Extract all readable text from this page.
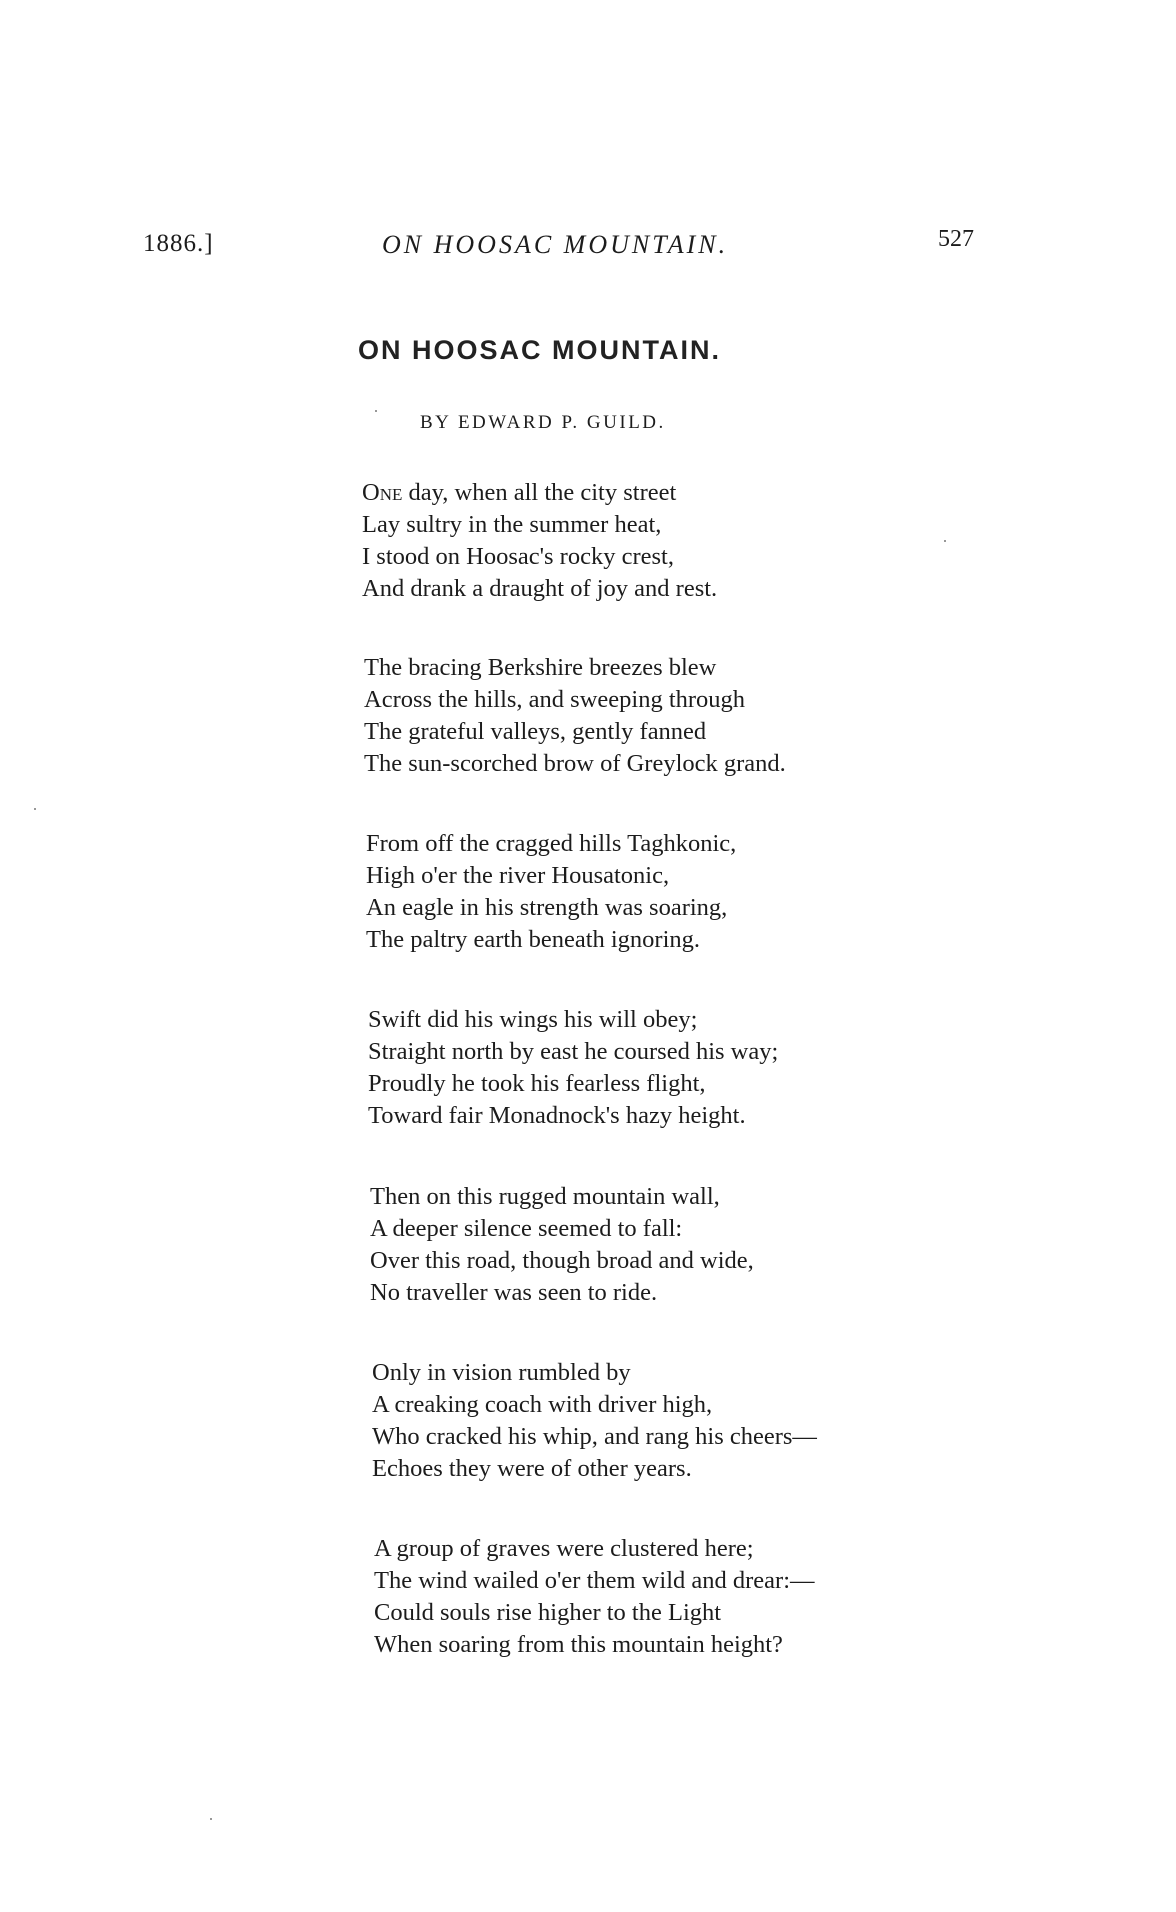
1886.]	ON HOOSAC MOUNTAIN.	527
ON HOOSAC MOUNTAIN.
BY EDWARD P. GUILD.
One day, when all the city street
Lay sultry in the summer heat,
I stood on Hoosac's rocky crest,
And drank a draught of joy and rest.
The bracing Berkshire breezes blew
Across the hills, and sweeping through
The grateful valleys, gently fanned
The sun-scorched brow of Greylock grand.
From off the cragged hills Taghkonic,
High o'er the river Housatonic,
An eagle in his strength was soaring,
The paltry earth beneath ignoring.
Swift did his wings his will obey;
Straight north by east he coursed his way;
Proudly he took his fearless flight,
Toward fair Monadnock's hazy height.
Then on this rugged mountain wall,
A deeper silence seemed to fall:
Over this road, though broad and wide,
No traveller was seen to ride.
Only in vision rumbled by
A creaking coach with driver high,
Who cracked his whip, and rang his cheers—
Echoes they were of other years.
A group of graves were clustered here;
The wind wailed o'er them wild and drear:—
Could souls rise higher to the Light
When soaring from this mountain height?
